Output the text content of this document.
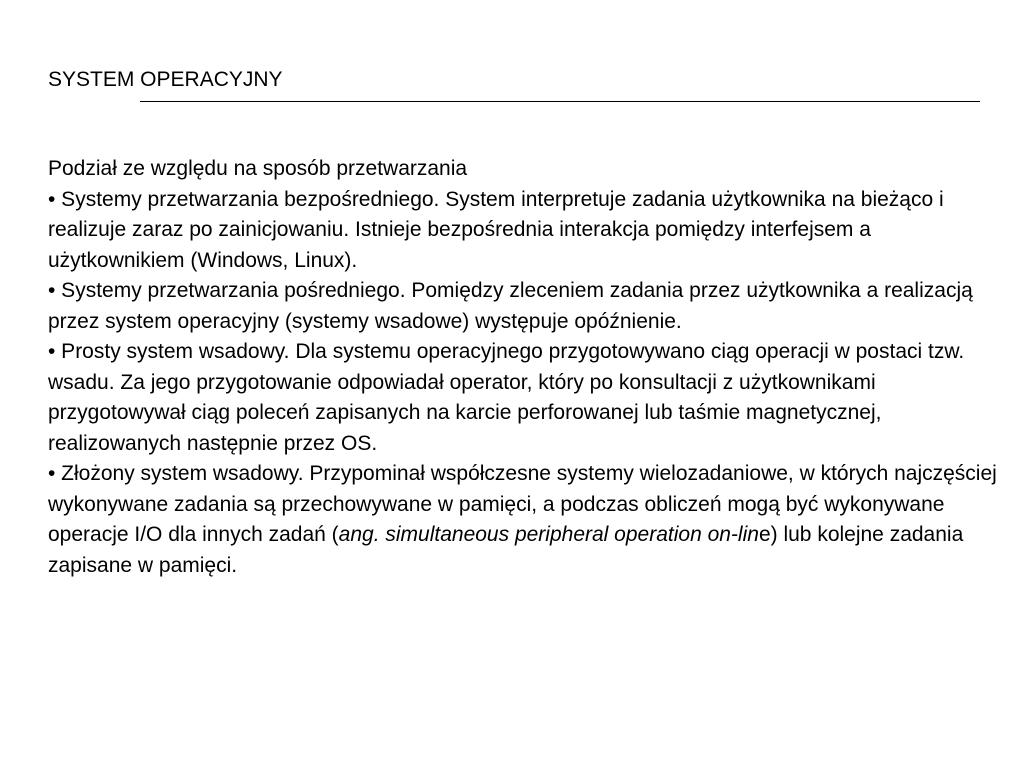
SYSTEM OPERACYJNY

Podział ze względu na sposób przetwarzania

• Systemy przetwarzania bezpośredniego. System interpretuje zadania użytkownika na bieżąco i realizuje zaraz po zainicjowaniu. Istnieje bezpośrednia interakcja pomiędzy interfejsem a użytkownikiem (Windows, Linux).

• Systemy przetwarzania pośredniego. Pomiędzy zleceniem zadania przez użytkownika a realizacją przez system operacyjny (systemy wsadowe) występuje opóźnienie.

• Prosty system wsadowy. Dla systemu operacyjnego przygotowywano ciąg operacji w postaci tzw. wsadu. Za jego przygotowanie odpowiadał operator, który po konsultacji z użytkownikami przygotowywał ciąg poleceń zapisanych na karcie perforowanej lub taśmie magnetycznej, realizowanych następnie przez OS.

• Złożony system wsadowy. Przypominał współczesne systemy wielozadaniowe, w których najczęściej wykonywane zadania są przechowywane w pamięci, a podczas obliczeń mogą być wykonywane operacje I/O dla innych zadań (ang. simultaneous peripheral operation on-line) lub kolejne zadania zapisane w pamięci.
